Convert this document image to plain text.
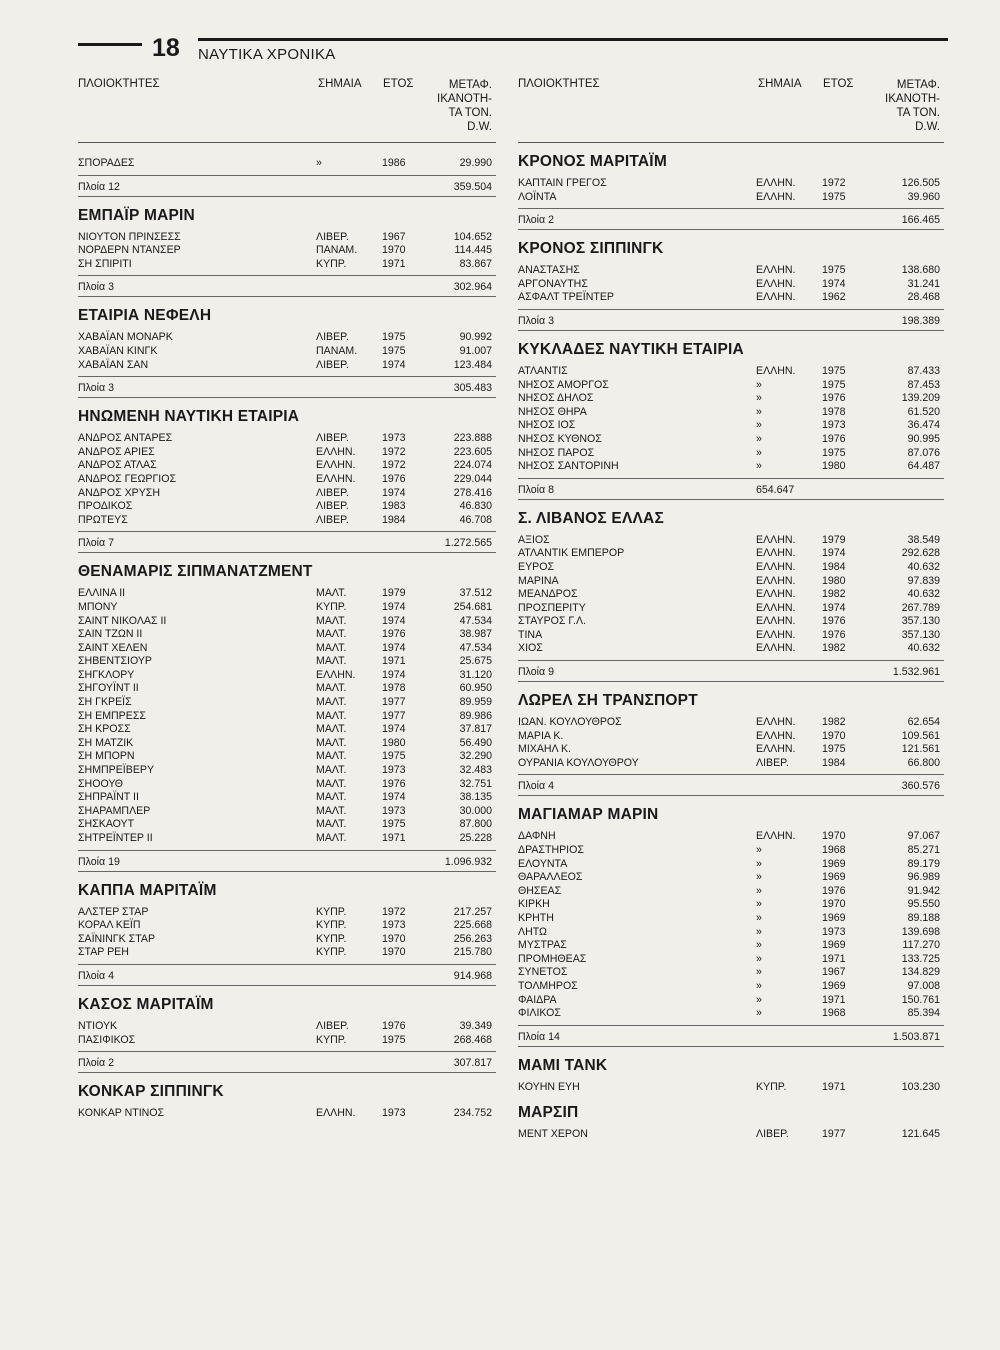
18 ΝΑΥΤΙΚΑ ΧΡΟΝΙΚΑ
ΠΛΟΙΟΚΤΗΤΕΣ	ΣΗΜΑΙΑ ΕΤΟΣ	ΜΕΤΑΦ.
ΙΚΑΝΟΤΗ-
ΤΑ ΤΟΝ.
D.W.
ΣΠΟΡΑΔΕΣ	»	1986	29.990
Πλοία 12	359.504
ΕΜΠΑΪΡ ΜΑΡΙΝ
ΝΙΟΥΤΟΝ ΠΡΙΝΣΕΣΣ	ΛΙΒΕΡ.	1967	104.652
ΝΟΡΔΕΡΝ ΝΤΑΝΣΕΡ	ΠΑΝΑΜ. 1970	114.445
ΣΗ ΣΠΙΡΙΤΙ	ΚΥΠΡ.	1971	83.867
Πλοία 3	302.964
ΕΤΑΙΡΙΑ ΝΕΦΕΛΗ
ΧΑΒΑΪΑΝ ΜΟΝΑΡΚ	ΛΙΒΕΡ.	1975	90.992
ΧΑΒΑΪΑΝ ΚΙΝΓΚ	ΠΑΝΑΜ. 1975	91.007
ΧΑΒΑΪΑΝ ΣΑΝ	ΛΙΒΕΡ.	1974	123.484
Πλοία 3	305.483
ΗΝΩΜΕΝΗ ΝΑΥΤΙΚΗ ΕΤΑΙΡΙΑ
ΑΝΔΡΟΣ ΑΝΤΑΡΕΣ	ΛΙΒΕΡ.	1973	223.888
ΑΝΔΡΟΣ ΑΡΙΕΣ	ΕΛΛΗΝ.	1972	223.605
ΑΝΔΡΟΣ ΑΤΛΑΣ	ΕΛΛΗΝ.	1972	224.074
ΑΝΔΡΟΣ ΓΕΩΡΓΙΟΣ	ΕΛΛΗΝ.	1976	229.044
ΑΝΔΡΟΣ ΧΡΥΣΗ	ΛΙΒΕΡ.	1974	278.416
ΠΡΟΔΙΚΟΣ	ΛΙΒΕΡ.	1983	46.830
ΠΡΩΤΕΥΣ	ΛΙΒΕΡ.	1984	46.708
Πλοία 7	1.272.565
ΘΕΝΑΜΑΡΙΣ ΣΙΠΜΑΝΑΤΖΜΕΝΤ
ΕΛΛΙΝΑ ΙΙ	ΜΑΛΤ.	1979	37.512
ΜΠΟΝΥ	ΚΥΠΡ.	1974	254.681
ΣΑΙΝΤ ΝΙΚΟΛΑΣ ΙΙ	ΜΑΛΤ.	1974	47.534
ΣΑΙΝ ΤΖΩΝ ΙΙ	ΜΑΛΤ.	1976	38.987
ΣΑΙΝΤ ΧΕΛΕΝ	ΜΑΛΤ.	1974	47.534
ΣΗΒΕΝΤΣΙΟΥΡ	ΜΑΛΤ.	1971	25.675
ΣΗΓΚΛΟΡΥ	ΕΛΛΗΝ.	1974	31.120
ΣΗΓΟΥΪΝΤ ΙΙ	ΜΑΛΤ.	1978	60.950
ΣΗ ΓΚΡΕΪΣ	ΜΑΛΤ.	1977	89.959
ΣΗ ΕΜΠΡΕΣΣ	ΜΑΛΤ.	1977	89.986
ΣΗ ΚΡΟΣΣ	ΜΑΛΤ.	1974	37.817
ΣΗ ΜΑΤΖΙΚ	ΜΑΛΤ.	1980	56.490
ΣΗ ΜΠΟΡΝ	ΜΑΛΤ.	1975	32.290
ΣΗΜΠΡΕΪΒΕΡΥ	ΜΑΛΤ.	1973	32.483
ΣΗΟΟΥΘ	ΜΑΛΤ.	1976	32.751
ΣΗΠΡΑΪΝΤ ΙΙ	ΜΑΛΤ.	1974	38.135
ΣΗΑΡΑΜΠΛΕΡ	ΜΑΛΤ.	1973	30.000
ΣΗΣΚΑΟΥΤ	ΜΑΛΤ.	1975	87.800
ΣΗΤΡΕΪΝΤΕΡ ΙΙ	ΜΑΛΤ.	1971	25.228
Πλοία 19	1.096.932
ΚΑΠΠΑ ΜΑΡΙΤΑΪΜ
ΑΛΣΤΕΡ ΣΤΑΡ	ΚΥΠΡ.	1972	217.257
ΚΟΡΑΛ ΚΕΪΠ	ΚΥΠΡ.	1973	225.668
ΣΑΪΝΙΝΓΚ ΣΤΑΡ	ΚΥΠΡ.	1970	256.263
ΣΤΑΡ ΡΕΗ	ΚΥΠΡ.	1970	215.780
Πλοία 4	914.968
ΚΑΣΟΣ ΜΑΡΙΤΑΪΜ
ΝΤΙΟΥΚ	ΛΙΒΕΡ.	1976	39.349
ΠΑΣΙΦΙΚΟΣ	ΚΥΠΡ.	1975	268.468
Πλοία 2	307.817
ΚΟΝΚΑΡ ΣΙΠΠΙΝΓΚ
ΚΟΝΚΑΡ ΝΤΙΝΟΣ	ΕΛΛΗΝ.	1973	234.752
ΠΛΟΙΟΚΤΗΤΕΣ	ΣΗΜΑΙΑ ΕΤΟΣ	ΜΕΤΑΦ.
ΙΚΑΝΟΤΗ-
ΤΑ ΤΟΝ.
D.W.
ΚΡΟΝΟΣ ΜΑΡΙΤΑΪΜ
ΚΑΠΤΑΙΝ ΓΡΕΓΟΣ	ΕΛΛΗΝ.	1972	126.505
ΛΟΪΝΤΑ	ΕΛΛΗΝ.	1975	39.960
Πλοία 2	166.465
ΚΡΟΝΟΣ ΣΙΠΠΙΝΓΚ
ΑΝΑΣΤΑΣΗΣ	ΕΛΛΗΝ.	1975	138.680
ΑΡΓΟΝΑΥΤΗΣ	ΕΛΛΗΝ.	1974	31.241
ΑΣΦΑΛΤ ΤΡΕΪΝΤΕΡ	ΕΛΛΗΝ.	1962	28.468
Πλοία 3	198.389
ΚΥΚΛΑΔΕΣ ΝΑΥΤΙΚΗ ΕΤΑΙΡΙΑ
ΑΤΛΑΝΤΙΣ	ΕΛΛΗΝ.	1975	87.433
ΝΗΣΟΣ ΑΜΟΡΓΟΣ	»	1975	87.453
ΝΗΣΟΣ ΔΗΛΟΣ	»	1976	139.209
ΝΗΣΟΣ ΘΗΡΑ	»	1978	61.520
ΝΗΣΟΣ ΙΟΣ	»	1973	36.474
ΝΗΣΟΣ ΚΥΘΝΟΣ	»	1976	90.995
ΝΗΣΟΣ ΠΑΡΟΣ	»	1975	87.076
ΝΗΣΟΣ ΣΑΝΤΟΡΙΝΗ	»	1980	64.487
Πλοία 8	654.647
Σ. ΛΙΒΑΝΟΣ ΕΛΛΑΣ
ΑΞΙΟΣ	ΕΛΛΗΝ.	1979	38.549
ΑΤΛΑΝΤΙΚ ΕΜΠΕΡΟΡ	ΕΛΛΗΝ.	1974	292.628
ΕΥΡΟΣ	ΕΛΛΗΝ.	1984	40.632
ΜΑΡΙΝΑ	ΕΛΛΗΝ.	1980	97.839
ΜΕΑΝΔΡΟΣ	ΕΛΛΗΝ.	1982	40.632
ΠΡΟΣΠΕΡΙΤΥ	ΕΛΛΗΝ.	1974	267.789
ΣΤΑΥΡΟΣ Γ.Λ.	ΕΛΛΗΝ.	1976	357.130
ΤΙΝΑ	ΕΛΛΗΝ.	1976	357.130
ΧΙΟΣ	ΕΛΛΗΝ.	1982	40.632
Πλοία 9	1.532.961
ΛΩΡΕΛ ΣΗ ΤΡΑΝΣΠΟΡΤ
ΙΩΑΝ. ΚΟΥΛΟΥΘΡΟΣ	ΕΛΛΗΝ.	1982	62.654
ΜΑΡΙΑ Κ.	ΕΛΛΗΝ.	1970	109.561
ΜΙΧΑΗΛ Κ.	ΕΛΛΗΝ.	1975	121.561
ΟΥΡΑΝΙΑ ΚΟΥΛΟΥΘΡΟΥ	ΛΙΒΕΡ.	1984	66.800
Πλοία 4	360.576
ΜΑΓΙΑΜΑΡ ΜΑΡΙΝ
ΔΑΦΝΗ	ΕΛΛΗΝ.	1970	97.067
ΔΡΑΣΤΗΡΙΟΣ	»	1968	85.271
ΕΛΟΥΝΤΑ	»	1969	89.179
ΘΑΡΑΛΛΕΟΣ	»	1969	96.989
ΘΗΣΕΑΣ	»	1976	91.942
ΚΙΡΚΗ	»	1970	95.550
ΚΡΗΤΗ	»	1969	89.188
ΛΗΤΩ	»	1973	139.698
ΜΥΣΤΡΑΣ	»	1969	117.270
ΠΡΟΜΗΘΕΑΣ	»	1971	133.725
ΣΥΝΕΤΟΣ	»	1967	134.829
ΤΟΛΜΗΡΟΣ	»	1969	97.008
ΦΑΙΔΡΑ	»	1971	150.761
ΦΙΛΙΚΟΣ	»	1968	85.394
Πλοία 14	1.503.871
ΜΑΜΙ ΤΑΝΚ
ΚΟΥΗΝ ΕΥΗ	ΚΥΠΡ.	1971	103.230
ΜΑΡΣΙΠ
ΜΕΝΤ ΧΕΡΟΝ	ΛΙΒΕΡ.	1977	121.645
